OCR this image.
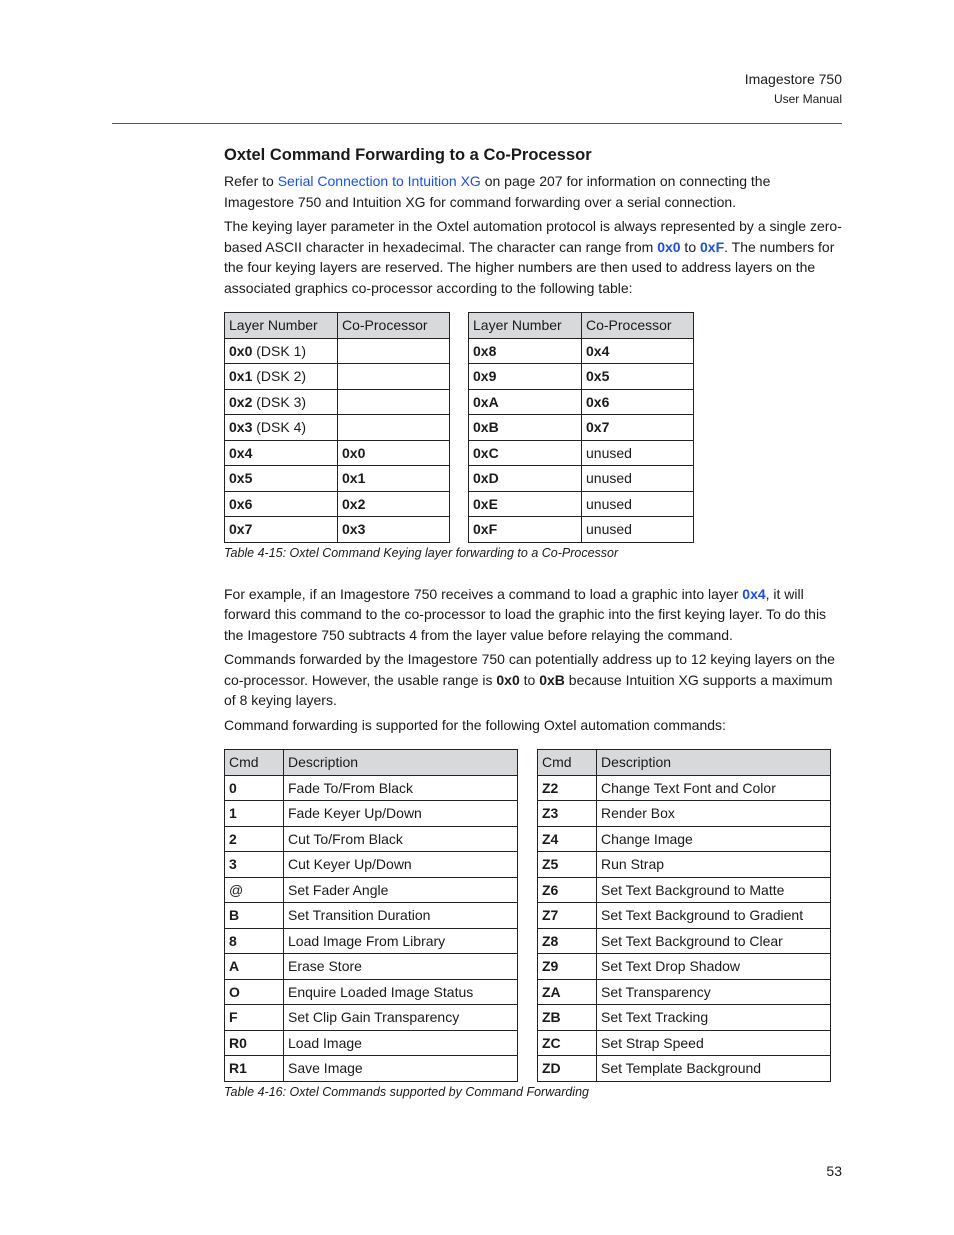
Imagestore 750
User Manual
Oxtel Command Forwarding to a Co-Processor

Refer to Serial Connection to Intuition XG on page 207 for information on connecting the Imagestore 750 and Intuition XG for command forwarding over a serial connection.

The keying layer parameter in the Oxtel automation protocol is always represented by a single zero-based ASCII character in hexadecimal. The character can range from 0x0 to 0xF. The numbers for the four keying layers are reserved. The higher numbers are then used to address layers on the associated graphics co-processor according to the following table:

Layer Number	Co-Processor
0x0 (DSK 1)	
0x1 (DSK 2)	
0x2 (DSK 3)	
0x3 (DSK 4)	
0x4	0x0
0x5	0x1
0x6	0x2
0x7	0x3
Layer Number	Co-Processor
0x8	0x4
0x9	0x5
0xA	0x6
0xB	0x7
0xC	unused
0xD	unused
0xE	unused
0xF	unused
Table 4-15: Oxtel Command Keying layer forwarding to a Co-Processor

For example, if an Imagestore 750 receives a command to load a graphic into layer 0x4, it will forward this command to the co-processor to load the graphic into the first keying layer. To do this the Imagestore 750 subtracts 4 from the layer value before relaying the command.

Commands forwarded by the Imagestore 750 can potentially address up to 12 keying layers on the co-processor. However, the usable range is 0x0 to 0xB because Intuition XG supports a maximum of 8 keying layers.

Command forwarding is supported for the following Oxtel automation commands:

Cmd	Description
0	Fade To/From Black
1	Fade Keyer Up/Down
2	Cut To/From Black
3	Cut Keyer Up/Down
@	Set Fader Angle
B	Set Transition Duration
8	Load Image From Library
A	Erase Store
O	Enquire Loaded Image Status
F	Set Clip Gain Transparency
R0	Load Image
R1	Save Image
Cmd	Description
Z2	Change Text Font and Color
Z3	Render Box
Z4	Change Image
Z5	Run Strap
Z6	Set Text Background to Matte
Z7	Set Text Background to Gradient
Z8	Set Text Background to Clear
Z9	Set Text Drop Shadow
ZA	Set Transparency
ZB	Set Text Tracking
ZC	Set Strap Speed
ZD	Set Template Background
Table 4-16: Oxtel Commands supported by Command Forwarding
53
